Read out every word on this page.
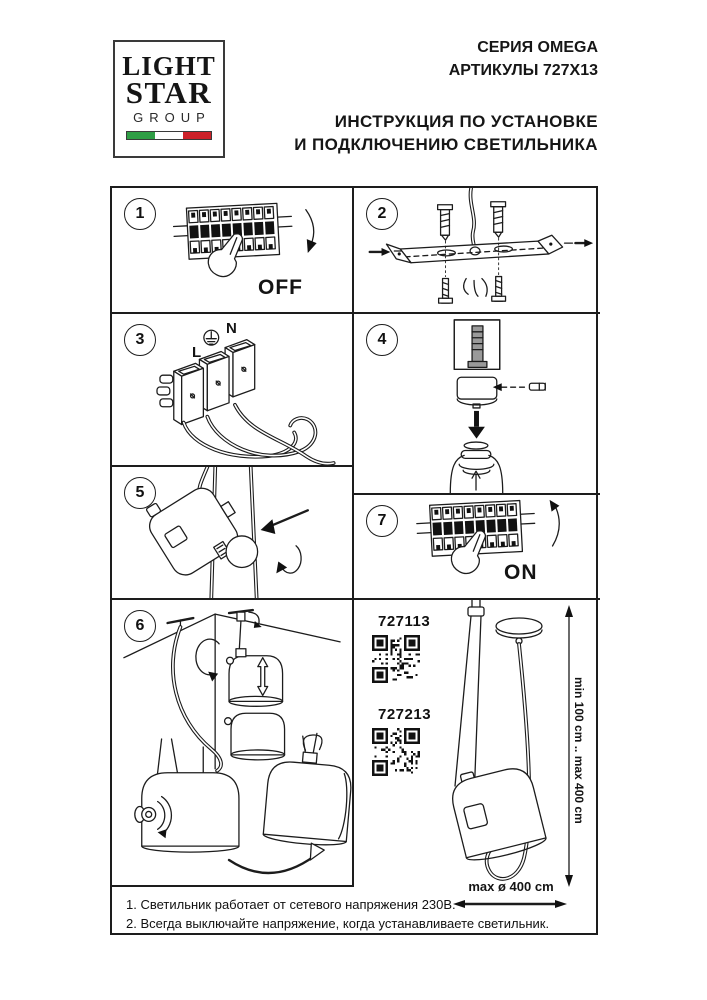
LIGHT
STAR
GROUP
СЕРИЯ OMEGA
АРТИКУЛЫ 727X13
ИНСТРУКЦИЯ ПО УСТАНОВКЕ
И ПОДКЛЮЧЕНИЮ СВЕТИЛЬНИКА
1
OFF
2
3
N
L
4
5
7
ON
6	727113
727213	min 100 cm .. max 400 cm
max ø 400 cm
1. Светильник работает от сетевого напряжения 230В.
2. Всегда выключайте напряжение, когда устанавливаете светильник.
